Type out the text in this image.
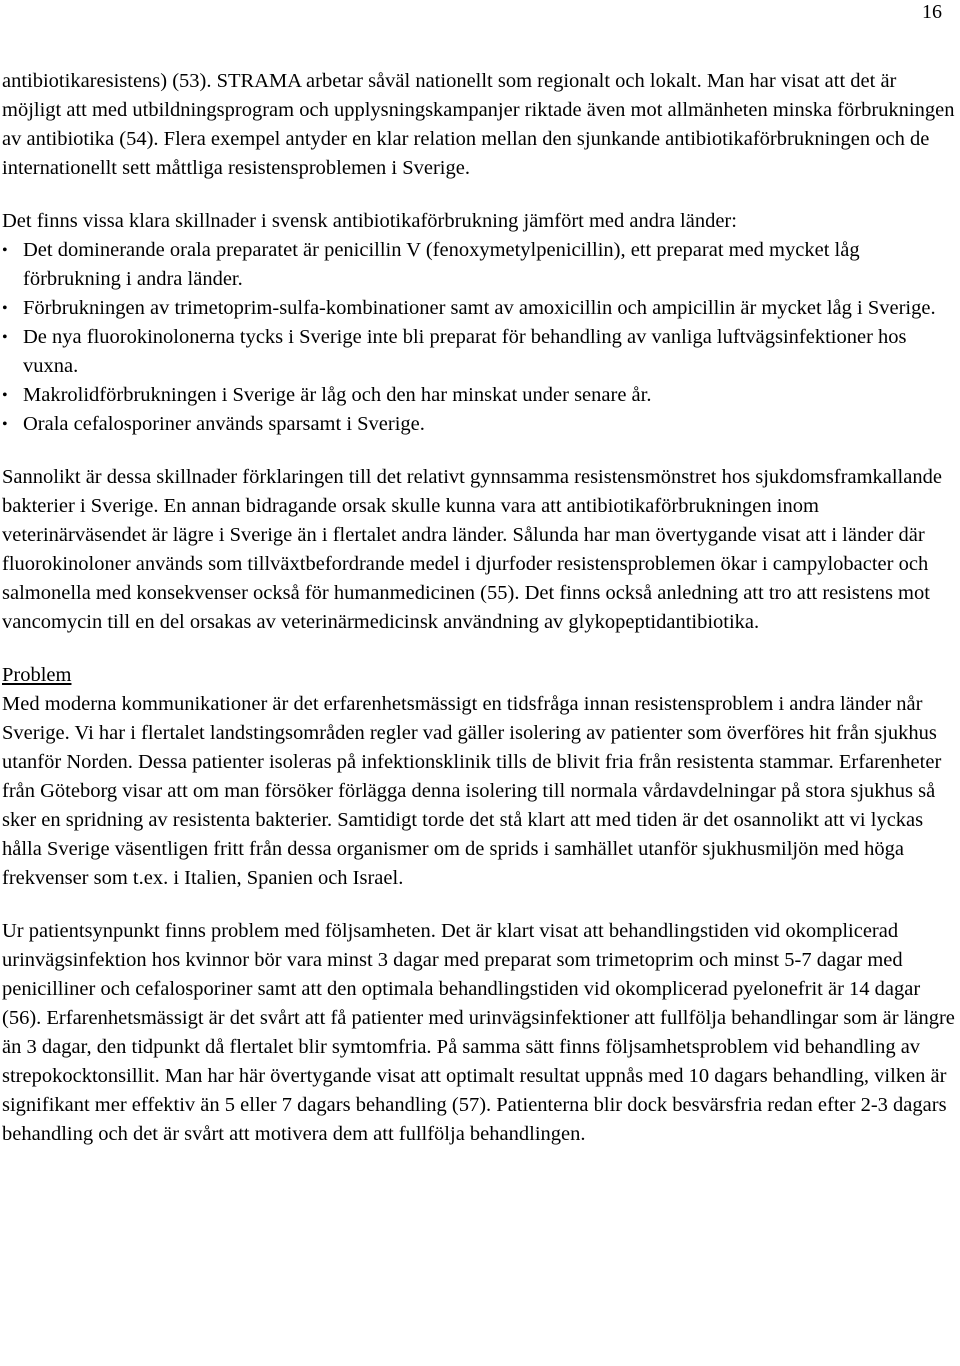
16

antibiotikaresistens) (53). STRAMA arbetar såväl nationellt som regionalt och lokalt. Man har visat att det är möjligt att med utbildningsprogram och upplysningskampanjer riktade även mot allmänheten minska förbrukningen av antibiotika (54). Flera exempel antyder en klar relation mellan den sjunkande antibiotikaförbrukningen och de internationellt sett måttliga resistensproblemen i Sverige.

Det finns vissa klara skillnader i svensk antibiotikaförbrukning jämfört med andra länder:

• Det dominerande orala preparatet är penicillin V (fenoxymetylpenicillin), ett preparat med mycket låg förbrukning i andra länder.
• Förbrukningen av trimetoprim-sulfa-kombinationer samt av amoxicillin och ampicillin är mycket låg i Sverige.
• De nya fluorokinolonerna tycks i Sverige inte bli preparat för behandling av vanliga luftvägsinfektioner hos vuxna.
• Makrolidförbrukningen i Sverige är låg och den har minskat under senare år.
• Orala cefalosporiner används sparsamt i Sverige.

Sannolikt är dessa skillnader förklaringen till det relativt gynnsamma resistensmönstret hos sjukdomsframkallande bakterier i Sverige. En annan bidragande orsak skulle kunna vara att antibiotikaförbrukningen inom veterinärväsendet är lägre i Sverige än i flertalet andra länder. Sålunda har man övertygande visat att i länder där fluorokinoloner används som tillväxtbefordrande medel i djurfoder resistensproblemen ökar i campylobacter och salmonella med konsekvenser också för humanmedicinen (55). Det finns också anledning att tro att resistens mot vancomycin till en del orsakas av veterinärmedicinsk användning av glykopeptidantibiotika.

Problem

Med moderna kommunikationer är det erfarenhetsmässigt en tidsfråga innan resistensproblem i andra länder når Sverige. Vi har i flertalet landstingsområden regler vad gäller isolering av patienter som överföres hit från sjukhus utanför Norden. Dessa patienter isoleras på infektionsklinik tills de blivit fria från resistenta stammar. Erfarenheter från Göteborg visar att om man försöker förlägga denna isolering till normala vårdavdelningar på stora sjukhus så sker en spridning av resistenta bakterier. Samtidigt torde det stå klart att med tiden är det osannolikt att vi lyckas hålla Sverige väsentligen fritt från dessa organismer om de sprids i samhället utanför sjukhusmiljön med höga frekvenser som t.ex. i Italien, Spanien och Israel.

Ur patientsynpunkt finns problem med följsamheten. Det är klart visat att behandlingstiden vid okomplicerad urinvägsinfektion hos kvinnor bör vara minst 3 dagar med preparat som trimetoprim och minst 5-7 dagar med penicilliner och cefalosporiner samt att den optimala behandlingstiden vid okomplicerad pyelonefrit är 14 dagar (56). Erfarenhetsmässigt är det svårt att få patienter med urinvägsinfektioner att fullfölja behandlingar som är längre än 3 dagar, den tidpunkt då flertalet blir symtomfria. På samma sätt finns följsamhetsproblem vid behandling av strepokocktonsillit. Man har här övertygande visat att optimalt resultat uppnås med 10 dagars behandling, vilken är signifikant mer effektiv än 5 eller 7 dagars behandling (57). Patienterna blir dock besvärsfria redan efter 2-3 dagars behandling och det är svårt att motivera dem att fullfölja behandlingen.
